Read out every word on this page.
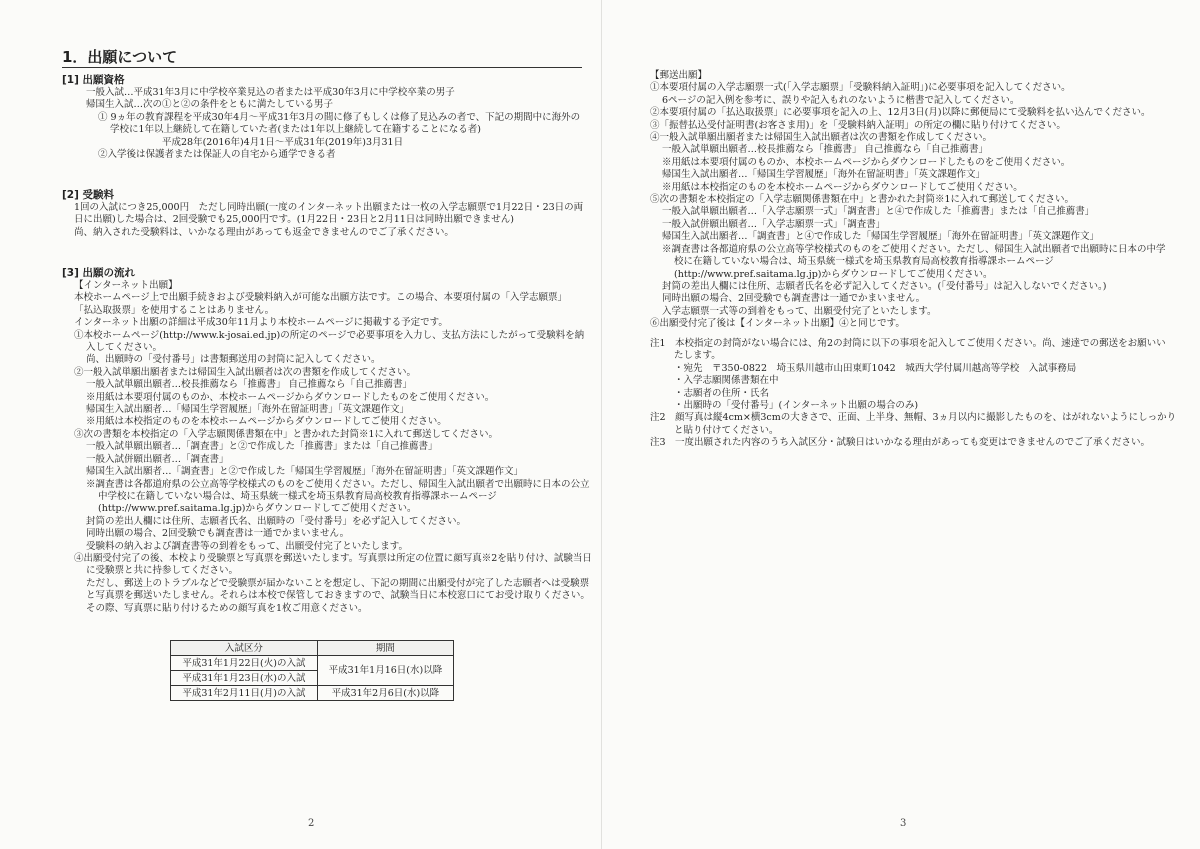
1．出願について
[1] 出願資格
一般入試…平成31年3月に中学校卒業見込の者または平成30年3月に中学校卒業の男子
帰国生入試…次の①と②の条件をともに満たしている男子
① 9ヵ年の教育課程を平成30年4月～平成31年3月の間に修了もしくは修了見込みの者で、下記の期間中に海外の
学校に1年以上継続して在籍していた者(または1年以上継続して在籍することになる者)
平成28年(2016年)4月1日～平成31年(2019年)3月31日
②入学後は保護者または保証人の自宅から通学できる者
[2] 受験料
1回の入試につき25,000円　ただし同時出願(一度のインターネット出願または一枚の入学志願票で1月22日・23日の両
日に出願)した場合は、2回受験でも25,000円です。(1月22日・23日と2月11日は同時出願できません)
尚、納入された受験料は、いかなる理由があっても返金できませんのでご了承ください。
[3] 出願の流れ
【インターネット出願】
本校ホームページ上で出願手続きおよび受験料納入が可能な出願方法です。この場合、本要項付属の「入学志願票」
「払込取扱票」を使用することはありません。
インターネット出願の詳細は平成30年11月より本校ホームページに掲載する予定です。
①本校ホームページ(http://www.k-josai.ed.jp)の所定のページで必要事項を入力し、支払方法にしたがって受験料を納
入してください。
尚、出願時の「受付番号」は書類郵送用の封筒に記入してください。
②一般入試単願出願者または帰国生入試出願者は次の書類を作成してください。
一般入試単願出願者…校長推薦なら「推薦書」 自己推薦なら「自己推薦書」
※用紙は本要項付属のものか、本校ホームページからダウンロードしたものをご使用ください。
帰国生入試出願者…「帰国生学習履歴」「海外在留証明書」「英文課題作文」
※用紙は本校指定のものを本校ホームページからダウンロードしてご使用ください。
③次の書類を本校指定の「入学志願関係書類在中」と書かれた封筒※1に入れて郵送してください。
一般入試単願出願者…「調査書」と②で作成した「推薦書」または「自己推薦書」
一般入試併願出願者…「調査書」
帰国生入試出願者…「調査書」と②で作成した「帰国生学習履歴」「海外在留証明書」「英文課題作文」
※調査書は各都道府県の公立高等学校様式のものをご使用ください。ただし、帰国生入試出願者で出願時に日本の公立
中学校に在籍していない場合は、埼玉県統一様式を埼玉県教育局高校教育指導課ホームページ
(http://www.pref.saitama.lg.jp)からダウンロードしてご使用ください。
封筒の差出人欄には住所、志願者氏名、出願時の「受付番号」を必ず記入してください。
同時出願の場合、2回受験でも調査書は一通でかまいません。
受験料の納入および調査書等の到着をもって、出願受付完了といたします。
④出願受付完了の後、本校より受験票と写真票を郵送いたします。写真票は所定の位置に顔写真※2を貼り付け、試験当日
に受験票と共に持参してください。
ただし、郵送上のトラブルなどで受験票が届かないことを想定し、下記の期間に出願受付が完了した志願者へは受験票
と写真票を郵送いたしません。それらは本校で保管しておきますので、試験当日に本校窓口にてお受け取りください。
その際、写真票に貼り付けるための顔写真を1枚ご用意ください。
入試区分	期間
平成31年1月22日(火)の入試	平成31年1月16日(水)以降
平成31年1月23日(水)の入試	
平成31年2月11日(月)の入試	平成31年2月6日(水)以降
2
【郵送出願】
①本要項付属の入学志願票一式(「入学志願票」「受験料納入証明」)に必要事項を記入してください。
6ページの記入例を参考に、誤りや記入もれのないように楷書で記入してください。
②本要項付属の「払込取扱票」に必要事項を記入の上、12月3日(月)以降に郵便局にて受験料を払い込んでください。
③「振替払込受付証明書(お客さま用)」を「受験料納入証明」の所定の欄に貼り付けてください。
④一般入試単願出願者または帰国生入試出願者は次の書類を作成してください。
一般入試単願出願者…校長推薦なら「推薦書」 自己推薦なら「自己推薦書」
※用紙は本要項付属のものか、本校ホームページからダウンロードしたものをご使用ください。
帰国生入試出願者…「帰国生学習履歴」「海外在留証明書」「英文課題作文」
※用紙は本校指定のものを本校ホームページからダウンロードしてご使用ください。
⑤次の書類を本校指定の「入学志願関係書類在中」と書かれた封筒※1に入れて郵送してください。
一般入試単願出願者…「入学志願票一式」「調査書」と④で作成した「推薦書」または「自己推薦書」
一般入試併願出願者…「入学志願票一式」「調査書」
帰国生入試出願者…「調査書」と④で作成した「帰国生学習履歴」「海外在留証明書」「英文課題作文」
※調査書は各都道府県の公立高等学校様式のものをご使用ください。ただし、帰国生入試出願者で出願時に日本の中学
校に在籍していない場合は、埼玉県統一様式を埼玉県教育局高校教育指導課ホームページ
(http://www.pref.saitama.lg.jp)からダウンロードしてご使用ください。
封筒の差出人欄には住所、志願者氏名を必ず記入してください。(「受付番号」は記入しないでください。)
同時出願の場合、2回受験でも調査書は一通でかまいません。
入学志願票一式等の到着をもって、出願受付完了といたします。
⑥出願受付完了後は【インターネット出願】④と同じです。
注1　本校指定の封筒がない場合には、角2の封筒に以下の事項を記入してご使用ください。尚、速達での郵送をお願いい
たします。
・宛先　〒350-0822　埼玉県川越市山田東町1042　城西大学付属川越高等学校　入試事務局
・入学志願関係書類在中
・志願者の住所・氏名
・出願時の「受付番号」(インターネット出願の場合のみ)
注2　顔写真は縦4cm×横3cmの大きさで、正面、上半身、無帽、3ヵ月以内に撮影したものを、はがれないようにしっかり
と貼り付けてください。
注3　一度出願された内容のうち入試区分・試験日はいかなる理由があっても変更はできませんのでご了承ください。
3
